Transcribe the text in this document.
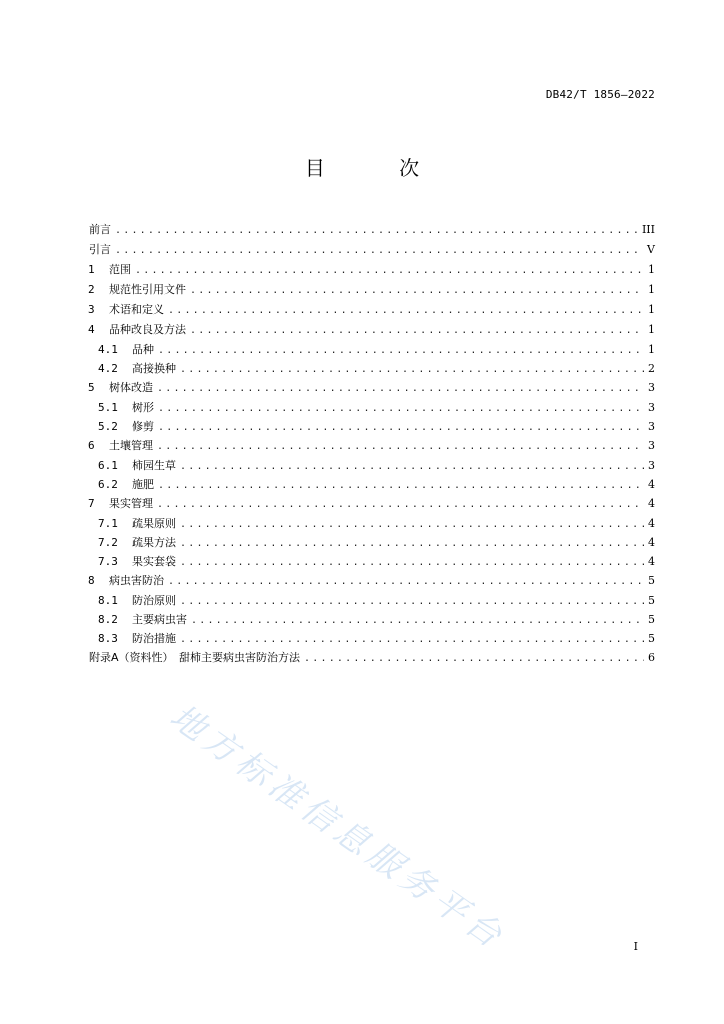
DB42/T 1856—2022
目 次
前言 .....	III
引言 .....	V
1	范围 .....	1
2	规范性引用文件 .....	1
3	术语和定义 .....	1
4	品种改良及方法 .....	1
4.1	品种 .....	1
4.2	高接换种 .....	2
5	树体改造 .....	3
5.1	树形 .....	3
5.2	修剪 .....	3
6	土壤管理 .....	3
6.1	柿园生草 .....	3
6.2	施肥 .....	4
7	果实管理 .....	4
7.1	疏果原则 .....	4
7.2	疏果方法 .....	4
7.3	果实套袋 .....	4
8	病虫害防治 .....	5
8.1	防治原则 .....	5
8.2	主要病虫害 .....	5
8.3	防治措施 .....	5
附录A（资料性）　甜柿主要病虫害防治方法 .....	6
地方标准信息服务平台	I
